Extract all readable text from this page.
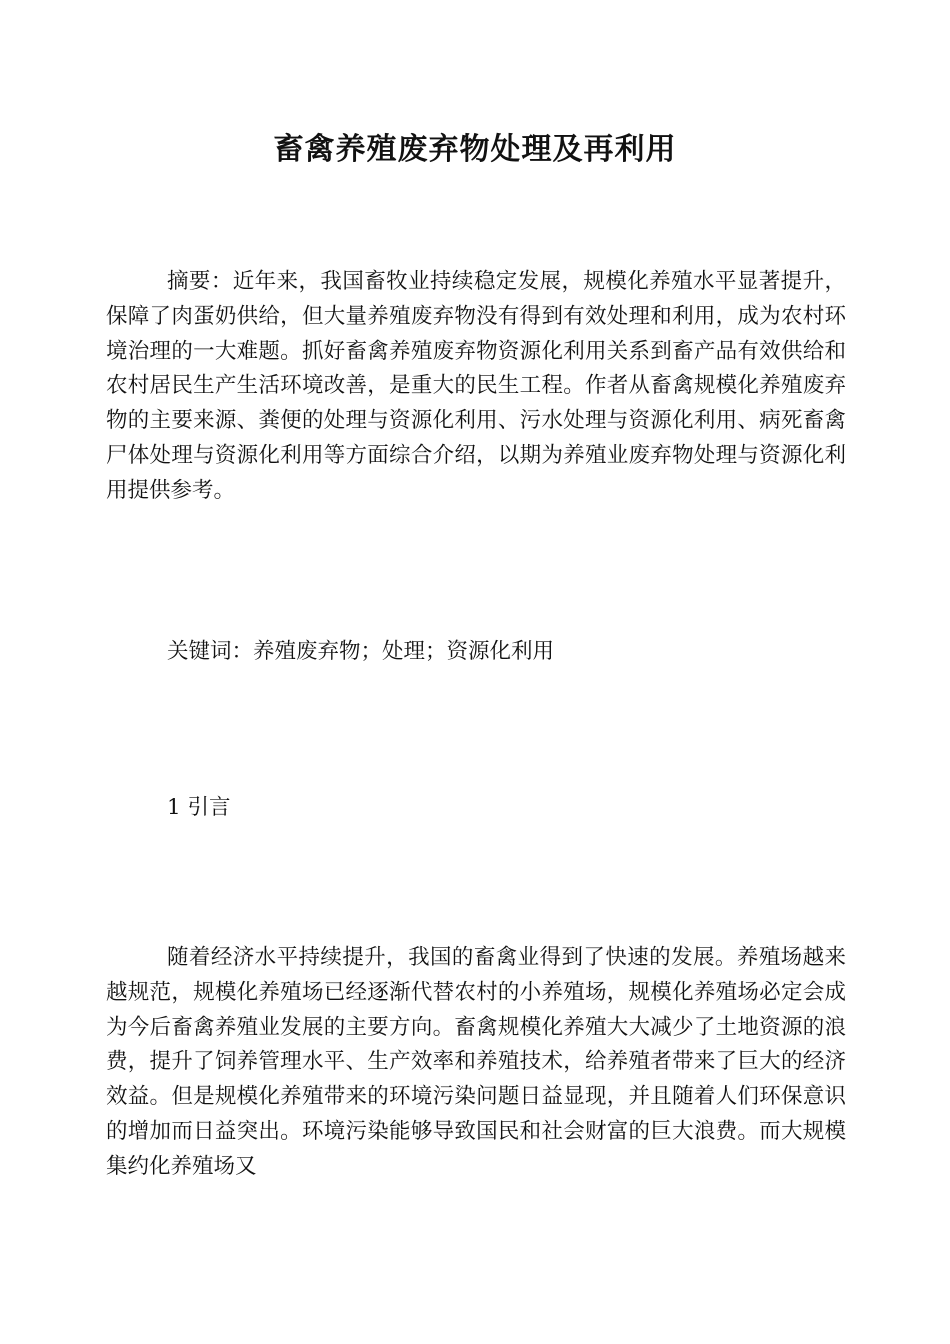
畜禽养殖废弃物处理及再利用

摘要：近年来，我国畜牧业持续稳定发展，规模化养殖水平显著提升，保障了肉蛋奶供给，但大量养殖废弃物没有得到有效处理和利用，成为农村环境治理的一大难题。抓好畜禽养殖废弃物资源化利用关系到畜产品有效供给和农村居民生产生活环境改善，是重大的民生工程。作者从畜禽规模化养殖废弃物的主要来源、粪便的处理与资源化利用、污水处理与资源化利用、病死畜禽尸体处理与资源化利用等方面综合介绍，以期为养殖业废弃物处理与资源化利用提供参考。

关键词：养殖废弃物；处理；资源化利用

1 引言

随着经济水平持续提升，我国的畜禽业得到了快速的发展。养殖场越来越规范，规模化养殖场已经逐渐代替农村的小养殖场，规模化养殖场必定会成为今后畜禽养殖业发展的主要方向。畜禽规模化养殖大大减少了土地资源的浪费，提升了饲养管理水平、生产效率和养殖技术，给养殖者带来了巨大的经济效益。但是规模化养殖带来的环境污染问题日益显现，并且随着人们环保意识的增加而日益突出。环境污染能够导致国民和社会财富的巨大浪费。而大规模集约化养殖场又
